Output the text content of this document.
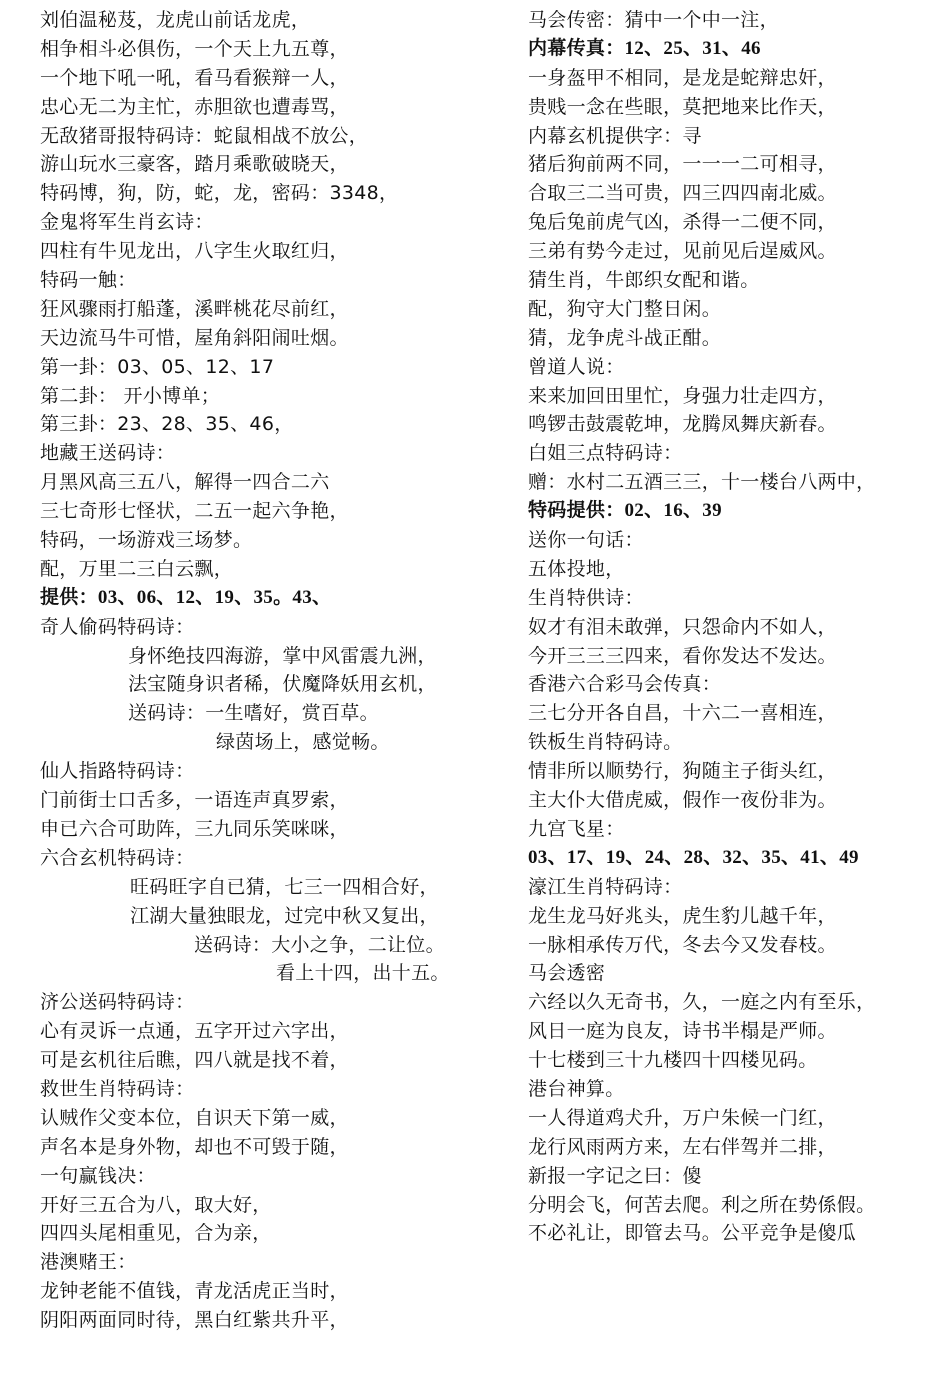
刘伯温秘芨，龙虎山前话龙虎，
相争相斗必俱伤，一个天上九五尊，
一个地下吼一吼，看马看猴辩一人，
忠心无二为主忙，赤胆欲也遭毒骂，
无敌猪哥报特码诗：蛇鼠相战不放公，
游山玩水三豪客，踏月乘歌破晓天，
特码博，狗，防，蛇，龙，密码：3348，
金鬼将军生肖玄诗：
四柱有牛见龙出，八字生火取红归，
特码一触：
狂风骤雨打船蓬，溪畔桃花尽前红，
天边流马牛可惜，屋角斜阳闹吐烟。
第一卦：03、05、12、17
第二卦： 开小博单；
第三卦：23、28、35、46，
地藏王送码诗：
月黑风高三五八，解得一四合二六
三七奇形七怪状，二五一起六争艳，
特码，一场游戏三场梦。
配，万里二三白云飘，
提供：03、06、12、19、35。43、
奇人偷码特码诗：
身怀绝技四海游，掌中风雷震九洲，
法宝随身识者稀，伏魔降妖用玄机，
送码诗：一生嗜好，赏百草。
绿茵场上，感觉畅。
仙人指路特码诗：
门前街士口舌多，一语连声真罗索，
申已六合可助阵，三九同乐笑咪咪，
六合玄机特码诗：
旺码旺字自已猜，七三一四相合好，
江湖大量独眼龙，过完中秋又复出，
送码诗：大小之争，二让位。
看上十四，出十五。
济公送码特码诗：
心有灵诉一点通，五字开过六字出，
可是玄机往后瞧，四八就是找不着，
救世生肖特码诗：
认贼作父变本位，自识天下第一威，
声名本是身外物，却也不可毁于随，
一句赢钱决：
开好三五合为八，取大好，
四四头尾相重见，合为亲，
港澳赌王：
龙钟老能不值钱，青龙活虎正当时，
阴阳两面同时待，黑白红紫共升平，
马会传密：猜中一个中一注，
内幕传真：12、25、31、46
一身盔甲不相同，是龙是蛇辩忠奸，
贵贱一念在些眼，莫把地来比作天，
内幕玄机提供字：寻
猪后狗前两不同，一一一二可相寻，
合取三二当可贵，四三四四南北威。
兔后兔前虎气凶，杀得一二便不同，
三弟有势今走过，见前见后逞威风。
猜生肖，牛郎织女配和谐。
配，狗守大门整日闲。
猜，龙争虎斗战正酣。
曾道人说：
来来加回田里忙，身强力壮走四方，
鸣锣击鼓震乾坤，龙腾凤舞庆新春。
白姐三点特码诗：
赠：水村二五酒三三，十一楼台八两中，
特码提供：02、16、39
送你一句话：
五体投地，
生肖特供诗：
奴才有泪未敢弹，只怨命内不如人，
今开三三三四来，看你发达不发达。
香港六合彩马会传真：
三七分开各自昌，十六二一喜相连，
铁板生肖特码诗。
情非所以顺势行，狗随主子街头红，
主大仆大借虎威，假作一夜份非为。
九宫飞星：
03、17、19、24、28、32、35、41、49
濠江生肖特码诗：
龙生龙马好兆头，虎生豹儿越千年，
一脉相承传万代，冬去今又发春枝。
马会透密
六经以久无奇书，久，一庭之内有至乐，
风日一庭为良友，诗书半榻是严师。
十七楼到三十九楼四十四楼见码。
港台神算。
一人得道鸡犬升，万户朱候一门红，
龙行风雨两方来，左右伴驾并二排，
新报一字记之曰：傻
分明会飞，何苦去爬。利之所在势係假。
不必礼让，即管去马。公平竞争是傻瓜
